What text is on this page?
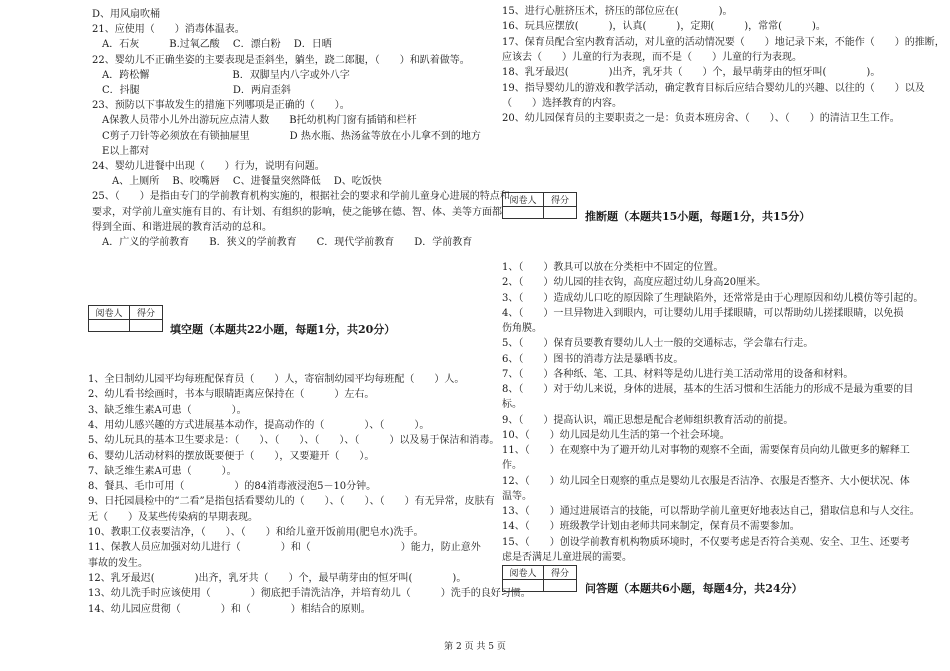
D、用风扇吹桶
21、应使用（　　）消毒体温表。
　A．石灰　　　B.过氧乙酸　 C．漂白粉　 D．日晒
22、婴幼儿不正确坐姿的主要表现是歪斜坐，躺坐，跷二郎腿，（　　）和趴着做等。
　A．跨松懈　　　　　　　　 B．双脚呈内八字或外八字
　C．抖腿　　　　　　　　　 D．两肩歪斜
23、预防以下事故发生的措施下列哪项是正确的（　　）。
　A保教人员带小儿外出游玩应点清人数　　B托幼机构门窗有插销和栏杆
　C剪子刀针等必须放在有锁抽屉里　　　　D 热水瓶、热汤盆等放在小儿拿不到的地方
　E以上都对
24、婴幼儿进餐中出现（　　）行为，说明有问题。
　　A、上厕所　 B、咬嘴唇　 C、进餐量突然降低　 D、吃饭快
25、（　　）是指由专门的学前教育机构实施的，根据社会的要求和学前儿童身心进展的特点和
要求，对学前儿童实施有目的、有计划、有组织的影响，使之能够在德、智、体、美等方面都
得到全面、和谐进展的教育活动的总和。
　A．广义的学前教育　　B．狭义的学前教育　　C．现代学前教育　　D．学前教育
阅卷人	得分

填空题（本题共22小题，每题1分，共20分）
1、全日制幼儿园平均每班配保育员（　　）人，寄宿制幼园平均每班配（　　）人。
2、幼儿看书绘画时，书本与眼睛距离应保持在（　　　）左右。
3、缺乏维生素A可患（　　　　）。
4、用幼儿感兴趣的方式进展基本动作，提高动作的（　　　　）、（　　　）。
5、幼儿玩具的基本卫生要求是：（　　）、（　　）、（　　）、（　　　）以及易于保洁和消毒。
6、婴幼儿活动材料的摆放既要便于（　　），又要避开（　　）。
7、缺乏维生素A可患（　　　）。
8、餐具、毛巾可用（　　　　　）的84消毒液浸泡5－10分钟。
9、日托园晨检中的“二看”是指包括看婴幼儿的（　　）、（　　）、（　　）有无异常，皮肤有
无（　　）及某些传染病的早期表现。
10、教职工仪表要洁净，（　　）、（　　）和给儿童开饭前用(肥皂水)洗手。
11、保教人员应加强对幼儿进行（　　　　）和（　　　　　　　　　）能力，防止意外
事故的发生。
12、乳牙最迟(　　　　)出齐，乳牙共（　　）个，最早萌芽由的恒牙叫(　　　　)。
13、幼儿洗手时应该使用（　　　　）彻底把手清洗洁净，并培育幼儿（　　　）洗手的良好习惯。
14、幼儿园应贯彻（　　　　）和（　　　　）相结合的原则。
15、进行心脏挤压术，挤压的部位应在(　　　　)。
16、玩具应摆放(　　　)，认真(　　　)，定期(　　　)，常常(　　　)。
17、保育员配合室内教育活动，对儿童的活动情况要（　　）地记录下来，不能作（　　）的推断，
应该去（　　）儿童的行为表现，而不是（　　）儿童的行为表现。
18、乳牙最迟(　　　　)出齐，乳牙共（　　）个，最早萌芽由的恒牙叫(　　　　)。
19、指导婴幼儿的游戏和教学活动，确定教育目标后应结合婴幼儿的兴趣、以往的（　　）以及
（　　）选择教育的内容。
20、幼儿园保育员的主要职责之一是：负责本班房舍、（　　）、（　　）的清洁卫生工作。
阅卷人	得分

推断题（本题共15小题，每题1分，共15分）
1、（　　）教具可以放在分类柜中不固定的位置。
2、（　　）幼儿园的挂衣钩，高度应超过幼儿身高20厘米。
3、（　　）造成幼儿口吃的原因除了生理缺陷外，还常常是由于心理原因和幼儿模仿等引起的。
4、（　　）一旦异物进入到眼内，可让婴幼儿用手揉眼睛，可以帮助幼儿搓揉眼睛，以免损
伤角膜。
5、（　　）保育员要教育婴幼儿人士一般的交通标志，学会靠右行走。
6、（　　）图书的消毒方法是暴晒书皮。
7、（　　）各种纸、笔、工具、材料等是幼儿进行美工活动常用的设备和材料。
8、（　　）对于幼儿来说，身体的进展，基本的生活习惯和生活能力的形成不是最为重要的目
标。
9、（　　）提高认识，端正思想是配合老师组织教育活动的前提。
10、（　　）幼儿园是幼儿生活的第一个社会环境。
11、（　　）在观察中为了避开幼儿对事物的观察不全面，需要保育员向幼儿做更多的解释工
作。
12、（　　）幼儿园全日观察的重点是婴幼儿衣服是否洁净、衣服是否整齐、大小便状况、体
温等。
13、（　　）通过进展语言的技能，可以帮助学前儿童更好地表达自己，猎取信息和与人交往。
14、（　　）班级教学计划由老师共同来制定，保育员不需要参加。
15、（　　）创设学前教育机构物质环境时，不仅要考虑是否符合美观、安全、卫生、还要考
虑是否满足儿童进展的需要。
阅卷人	得分

问答题（本题共6小题，每题4分，共24分）
第 2 页 共 5 页
